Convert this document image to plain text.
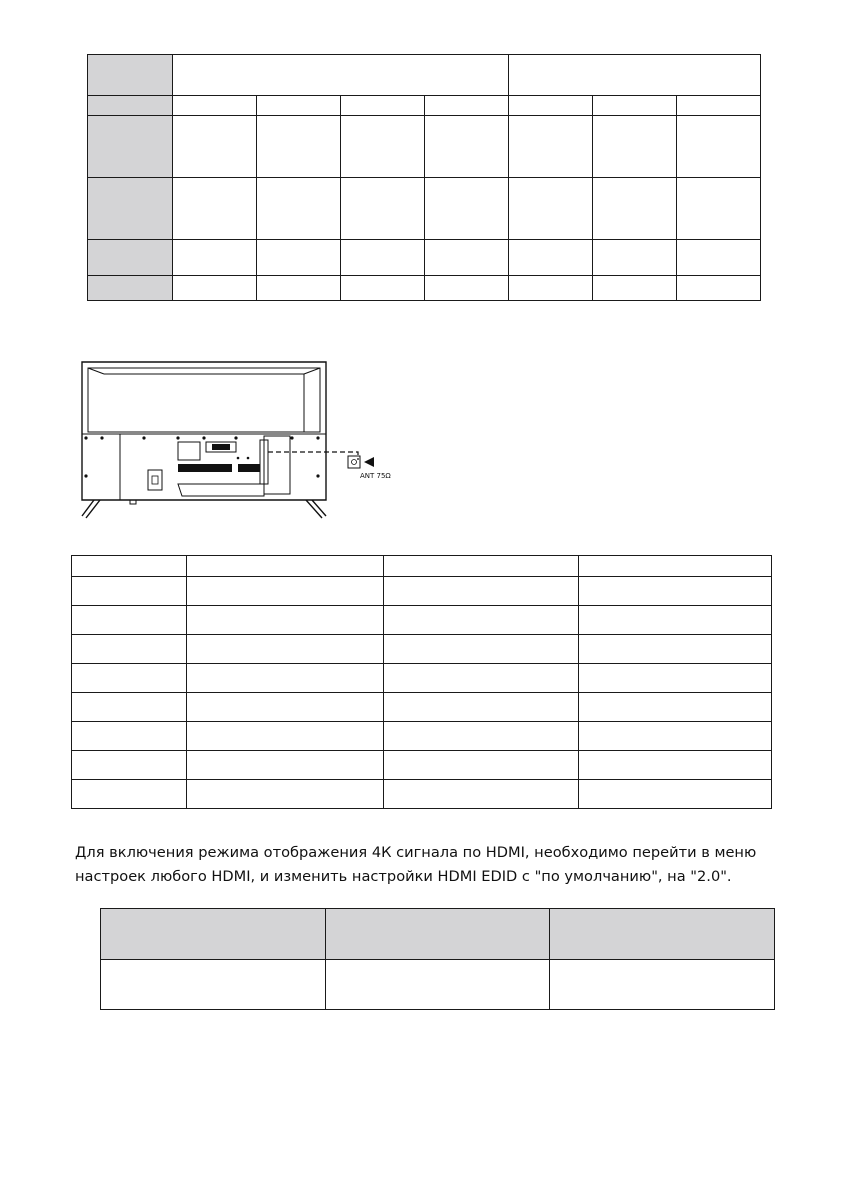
ANT 75Ω

Для включения режима отображения 4К сигнала по HDMI, необходимо перейти в меню настроек любого HDMI, и изменить настройки HDMI EDID с "по умолчанию", на "2.0".
